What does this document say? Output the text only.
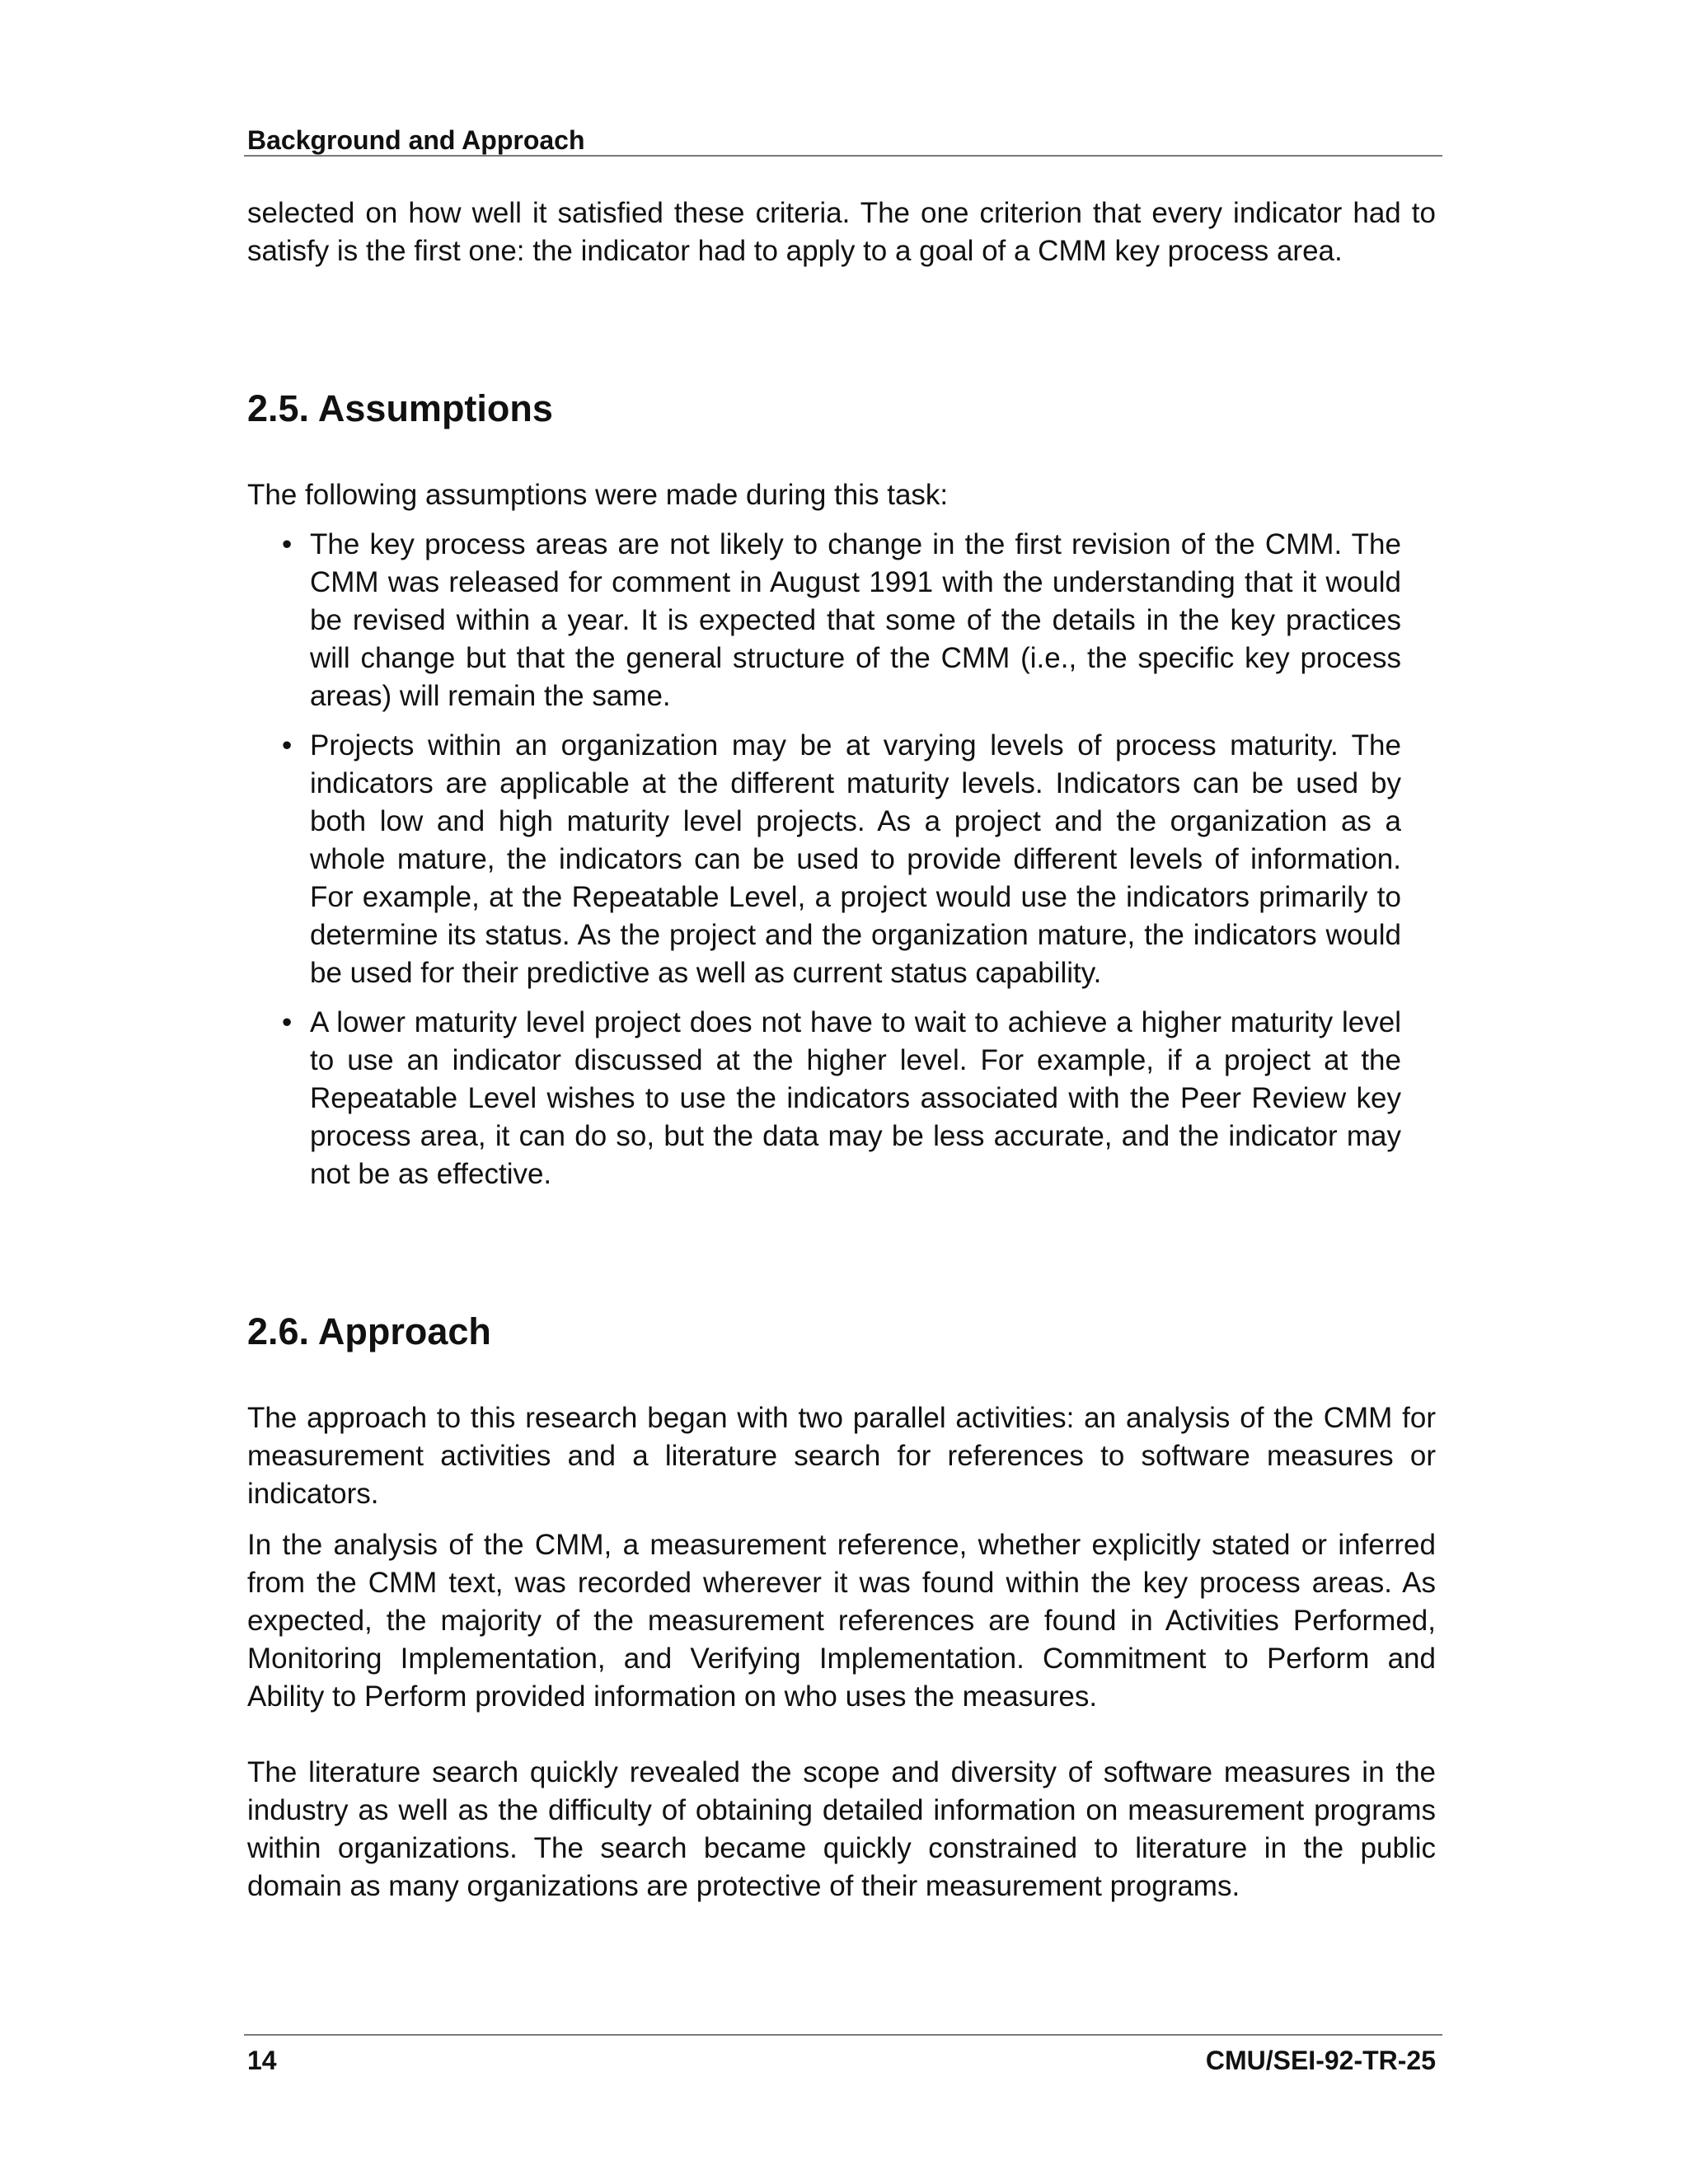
Background and Approach

selected on how well it satisfied these criteria. The one criterion that every indicator had to satisfy is the first one: the indicator had to apply to a goal of a CMM key process area.

2.5. Assumptions

The following assumptions were made during this task:

• The key process areas are not likely to change in the first revision of the CMM. The CMM was released for comment in August 1991 with the understanding that it would be revised within a year. It is expected that some of the details in the key practices will change but that the general structure of the CMM (i.e., the specific key process areas) will remain the same.
• Projects within an organization may be at varying levels of process maturity. The indicators are applicable at the different maturity levels. Indicators can be used by both low and high maturity level projects. As a project and the organization as a whole mature, the indicators can be used to provide different levels of information. For example, at the Repeatable Level, a project would use the indicators primarily to determine its status. As the project and the organization mature, the indicators would be used for their predictive as well as current status capability.
• A lower maturity level project does not have to wait to achieve a higher maturity level to use an indicator discussed at the higher level. For example, if a project at the Repeatable Level wishes to use the indicators associated with the Peer Review key process area, it can do so, but the data may be less accurate, and the indicator may not be as effective.
2.6. Approach

The approach to this research began with two parallel activities: an analysis of the CMM for measurement activities and a literature search for references to software measures or indicators.

In the analysis of the CMM, a measurement reference, whether explicitly stated or inferred from the CMM text, was recorded wherever it was found within the key process areas. As expected, the majority of the measurement references are found in Activities Performed, Monitoring Implementation, and Verifying Implementation. Commitment to Perform and Ability to Perform provided information on who uses the measures.

The literature search quickly revealed the scope and diversity of software measures in the industry as well as the difficulty of obtaining detailed information on measurement programs within organizations. The search became quickly constrained to literature in the public domain as many organizations are protective of their measurement programs.

14	CMU/SEI-92-TR-25
